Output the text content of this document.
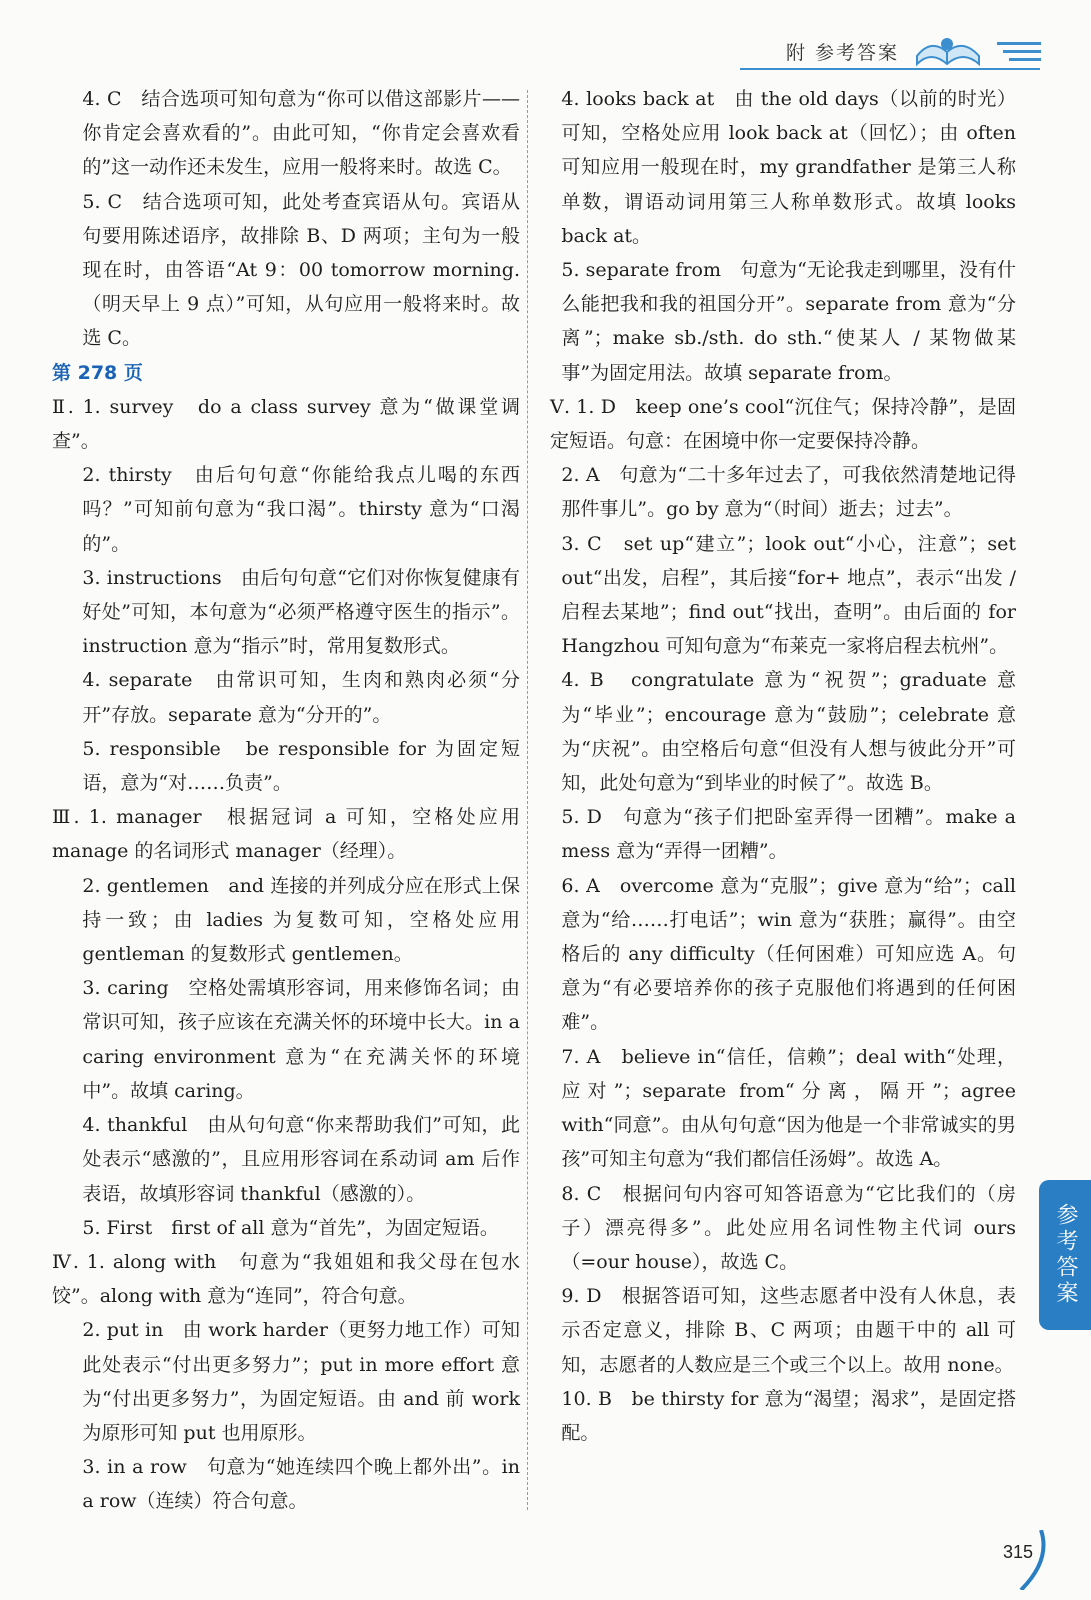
附 参考答案

4. C　结合选项可知句意为“你可以借这部影片——你肯定会喜欢看的”。由此可知，“你肯定会喜欢看的”这一动作还未发生，应用一般将来时。故选 C。

5. C　结合选项可知，此处考查宾语从句。宾语从句要用陈述语序，故排除 B、D 两项；主句为一般现在时，由答语“At 9：00 tomorrow morning.（明天早上 9 点）”可知，从句应用一般将来时。故选 C。

第 278 页

Ⅱ. 1. survey　do a class survey 意为“做课堂调查”。

2. thirsty　由后句句意“你能给我点儿喝的东西吗？”可知前句意为“我口渴”。thirsty 意为“口渴的”。

3. instructions　由后句句意“它们对你恢复健康有好处”可知，本句意为“必须严格遵守医生的指示”。instruction 意为“指示”时，常用复数形式。

4. separate　由常识可知，生肉和熟肉必须“分开”存放。separate 意为“分开的”。

5. responsible　be responsible for 为固定短语，意为“对……负责”。

Ⅲ. 1. manager　根据冠词 a 可知，空格处应用 manage 的名词形式 manager（经理）。

2. gentlemen　and 连接的并列成分应在形式上保持一致；由 ladies 为复数可知，空格处应用 gentleman 的复数形式 gentlemen。

3. caring　空格处需填形容词，用来修饰名词；由常识可知，孩子应该在充满关怀的环境中长大。in a caring environment 意为“在充满关怀的环境中”。故填 caring。

4. thankful　由从句句意“你来帮助我们”可知，此处表示“感激的”，且应用形容词在系动词 am 后作表语，故填形容词 thankful（感激的）。

5. First　first of all 意为“首先”，为固定短语。

Ⅳ. 1. along with　句意为“我姐姐和我父母在包水饺”。along with 意为“连同”，符合句意。

2. put in　由 work harder（更努力地工作）可知此处表示“付出更多努力”；put in more effort 意为“付出更多努力”，为固定短语。由 and 前 work 为原形可知 put 也用原形。

3. in a row　句意为“她连续四个晚上都外出”。in a row（连续）符合句意。

4. looks back at　由 the old days（以前的时光）可知，空格处应用 look back at（回忆）；由 often 可知应用一般现在时，my grandfather 是第三人称单数，谓语动词用第三人称单数形式。故填 looks back at。

5. separate from　句意为“无论我走到哪里，没有什么能把我和我的祖国分开”。separate from 意为“分离”；make sb./sth. do sth.“使某人 / 某物做某事”为固定用法。故填 separate from。

Ⅴ. 1. D　keep one’s cool“沉住气；保持冷静”，是固定短语。句意：在困境中你一定要保持冷静。

2. A　句意为“二十多年过去了，可我依然清楚地记得那件事儿”。go by 意为“（时间）逝去；过去”。

3. C　set up“建立”；look out“小心，注意”；set out“出发，启程”，其后接“for+ 地点”，表示“出发 / 启程去某地”；find out“找出，查明”。由后面的 for Hangzhou 可知句意为“布莱克一家将启程去杭州”。

4. B　congratulate 意为“祝贺”；graduate 意为“毕业”；encourage 意为“鼓励”；celebrate 意为“庆祝”。由空格后句意“但没有人想与彼此分开”可知，此处句意为“到毕业的时候了”。故选 B。

5. D　句意为“孩子们把卧室弄得一团糟”。make a mess 意为“弄得一团糟”。

6. A　overcome 意为“克服”；give 意为“给”；call 意为“给……打电话”；win 意为“获胜；赢得”。由空格后的 any difficulty（任何困难）可知应选 A。句意为“有必要培养你的孩子克服他们将遇到的任何困难”。

7. A　believe in“信任，信赖”；deal with“处理，应对”；separate from“分离，隔开”；agree with“同意”。由从句句意“因为他是一个非常诚实的男孩”可知主句意为“我们都信任汤姆”。故选 A。

8. C　根据问句内容可知答语意为“它比我们的（房子）漂亮得多”。此处应用名词性物主代词 ours（=our house），故选 C。

9. D　根据答语可知，这些志愿者中没有人休息，表示否定意义，排除 B、C 两项；由题干中的 all 可知，志愿者的人数应是三个或三个以上。故用 none。

10. B　be thirsty for 意为“渴望；渴求”，是固定搭配。

参考答案
315
